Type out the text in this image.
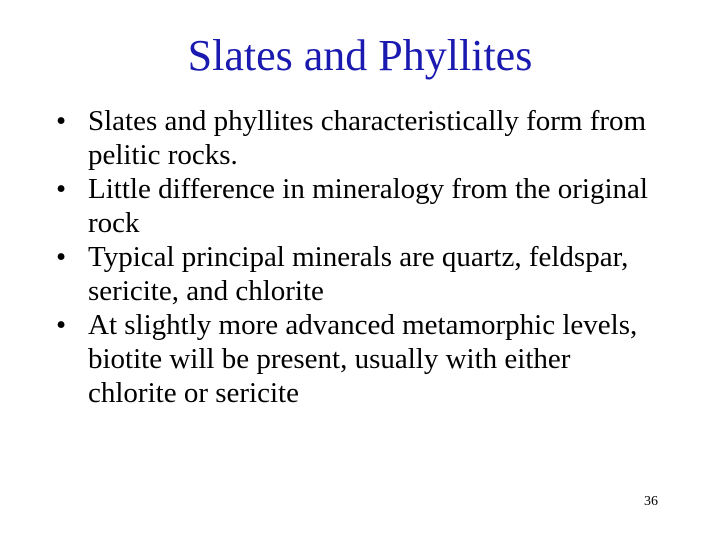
Slates and Phyllites
• Slates and phyllites characteristically form from pelitic rocks.
• Little difference in mineralogy from the original rock
• Typical principal minerals are quartz, feldspar, sericite, and chlorite
• At slightly more advanced metamorphic levels, biotite will be present, usually with either chlorite or sericite
36
